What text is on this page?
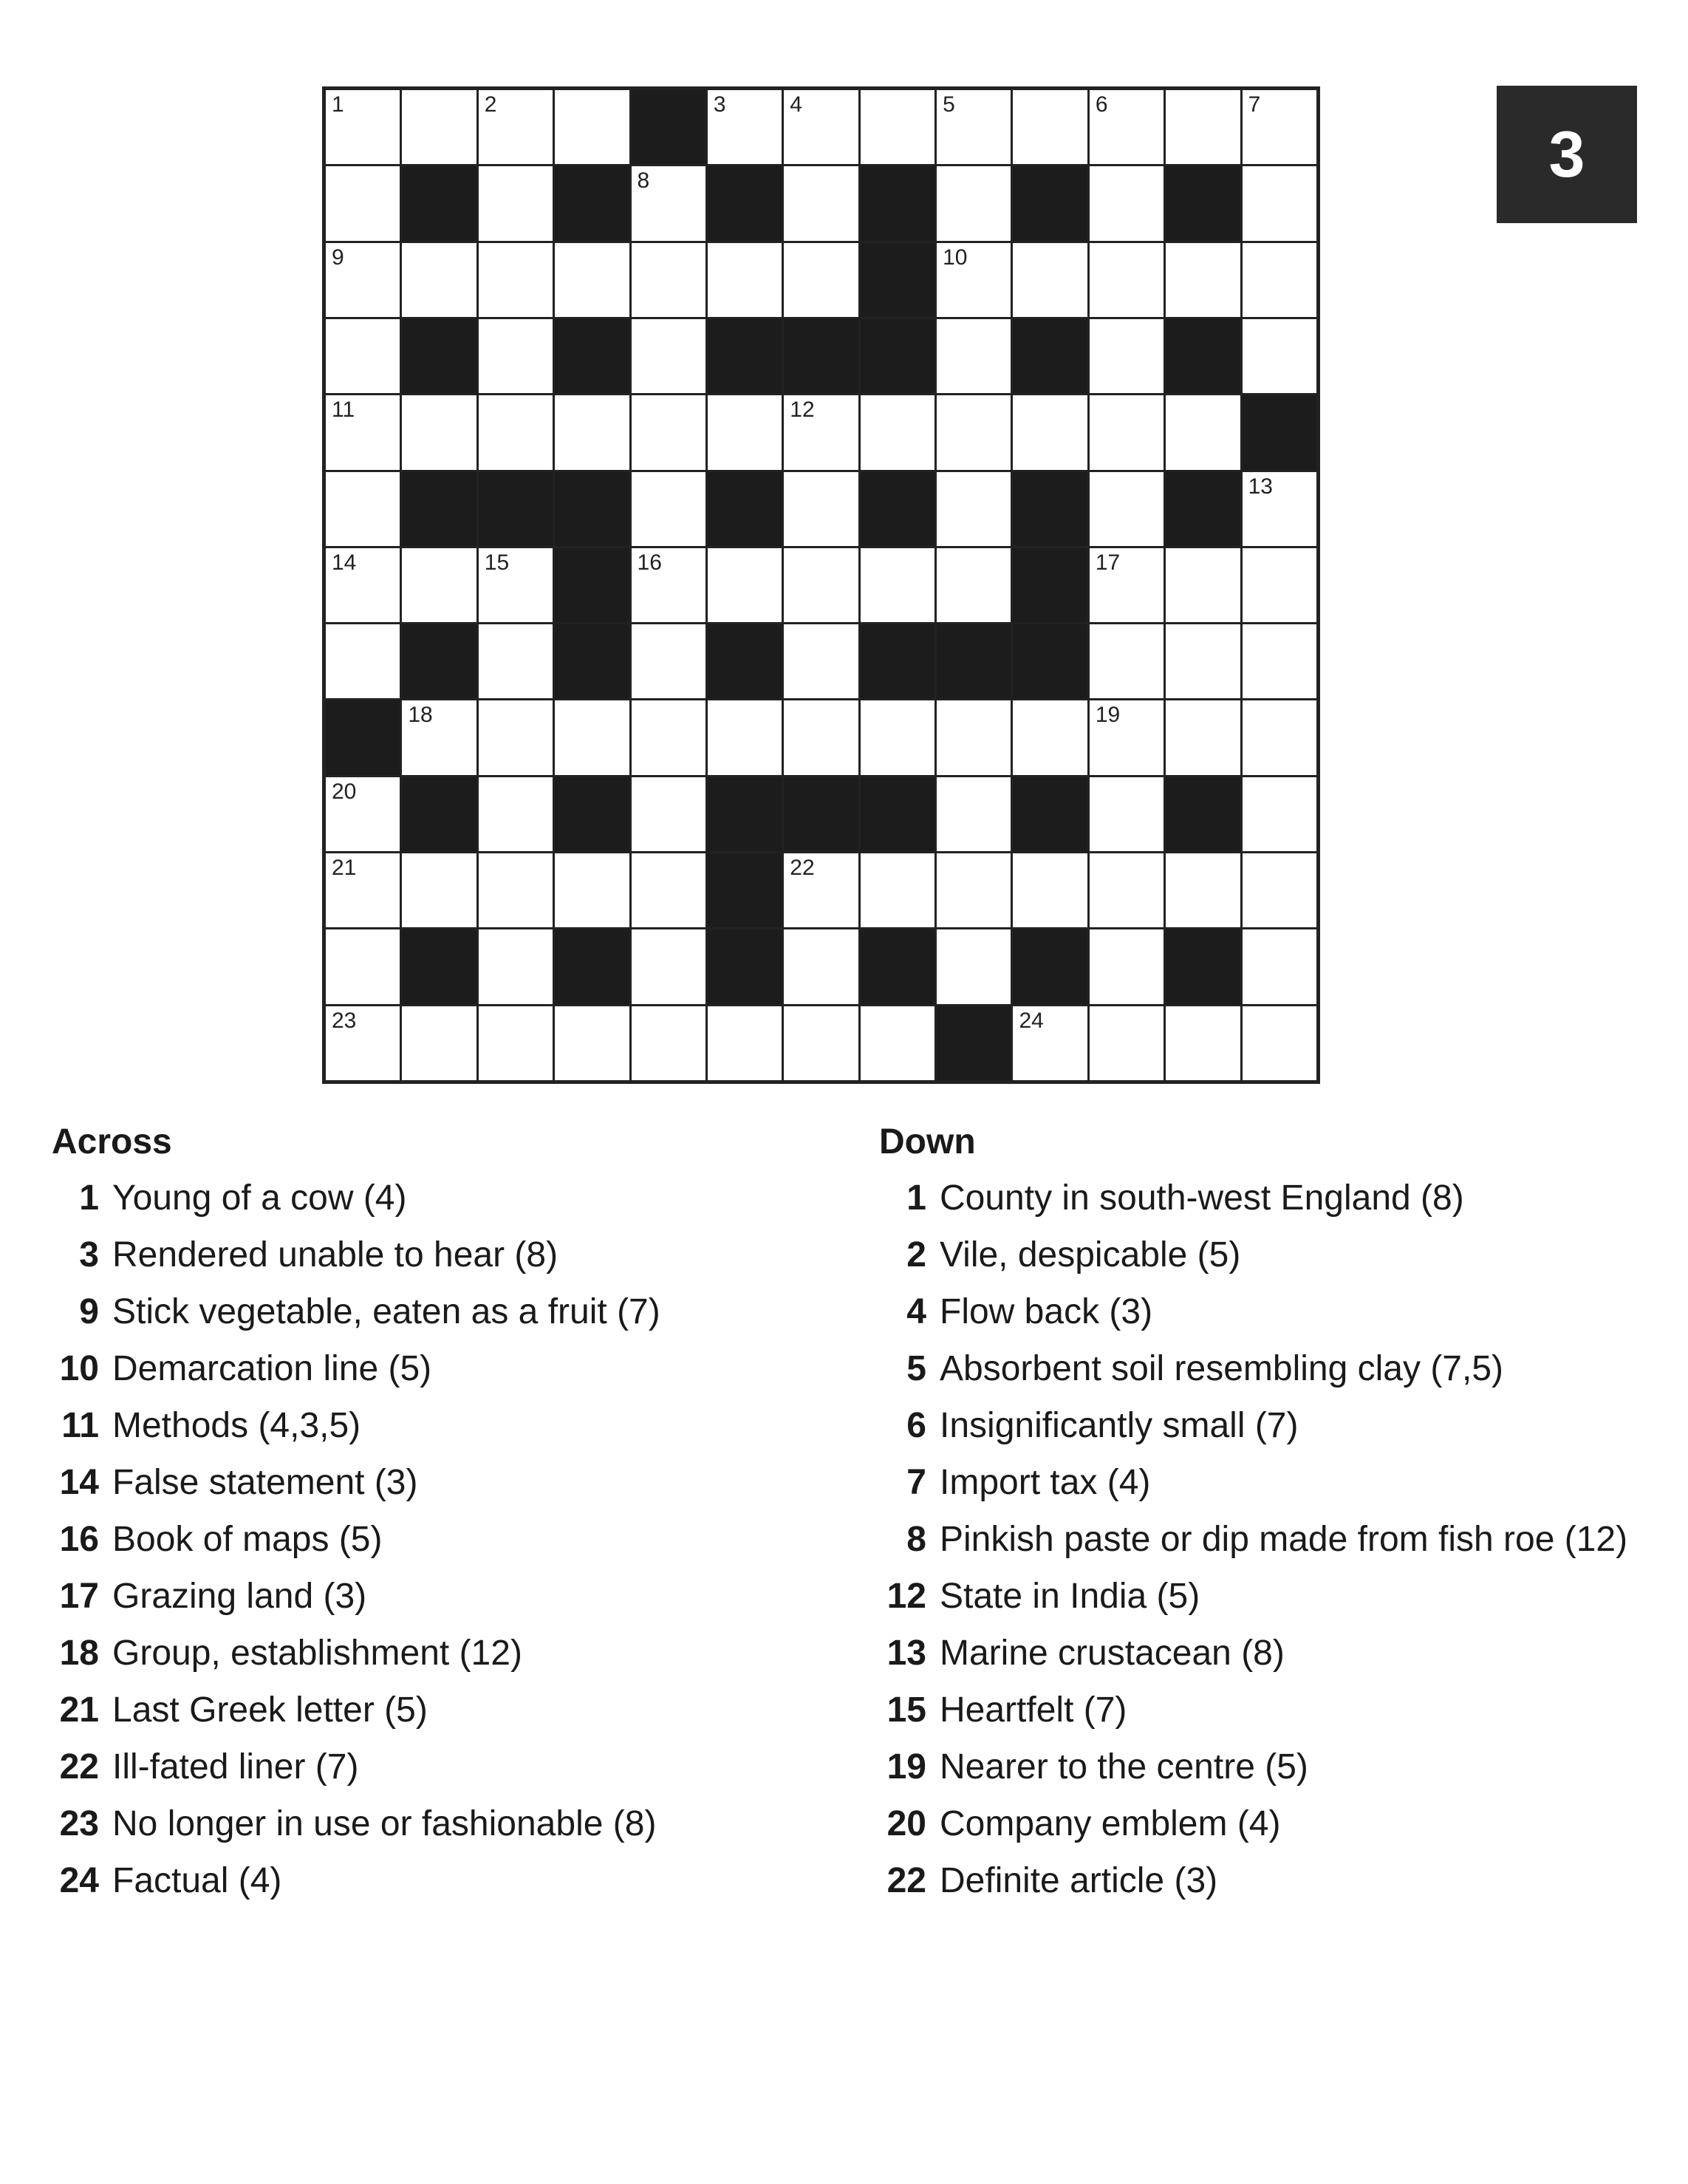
1	2	3	4	5	6	7
8
9	10
11	12
13
14	15	16	17
18	19
20
21	22
23	24
3
Across
1 Young of a cow (4)
3 Rendered unable to hear (8)
9 Stick vegetable, eaten as a fruit (7)
10 Demarcation line (5)
11 Methods (4,3,5)
14 False statement (3)
16 Book of maps (5)
17 Grazing land (3)
18 Group, establishment (12)
21 Last Greek letter (5)
22 Ill-fated liner (7)
23 No longer in use or fashionable (8)
24 Factual (4)
Down
1 County in south-west England (8)
2 Vile, despicable (5)
4 Flow back (3)
5 Absorbent soil resembling clay (7,5)
6 Insignificantly small (7)
7 Import tax (4)
8 Pinkish paste or dip made from fish roe (12)
12 State in India (5)
13 Marine crustacean (8)
15 Heartfelt (7)
19 Nearer to the centre (5)
20 Company emblem (4)
22 Definite article (3)
